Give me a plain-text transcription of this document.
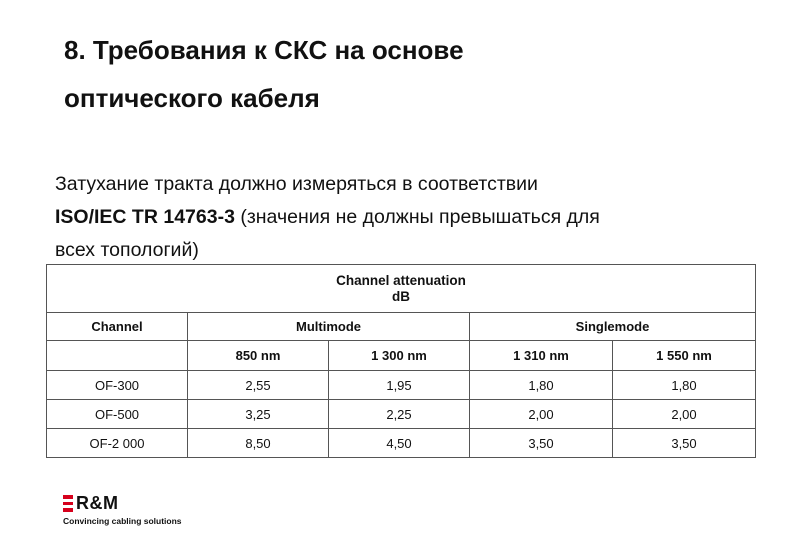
8. Требования к СКС на основе
оптического кабеля
Затухание тракта должно измеряться в соответствии
ISO/IEC TR 14763-3 (значения не должны превышаться для
всех топологий)
Channel attenuation
dB				

Channel	Multimode		Singlemode	
	850 nm	1 300 nm	1 310 nm	1 550 nm
OF-300	2,55	1,95	1,80	1,80
OF-500	3,25	2,25	2,00	2,00
OF-2 000	8,50	4,50	3,50	3,50
R&M
Convincing cabling solutions
